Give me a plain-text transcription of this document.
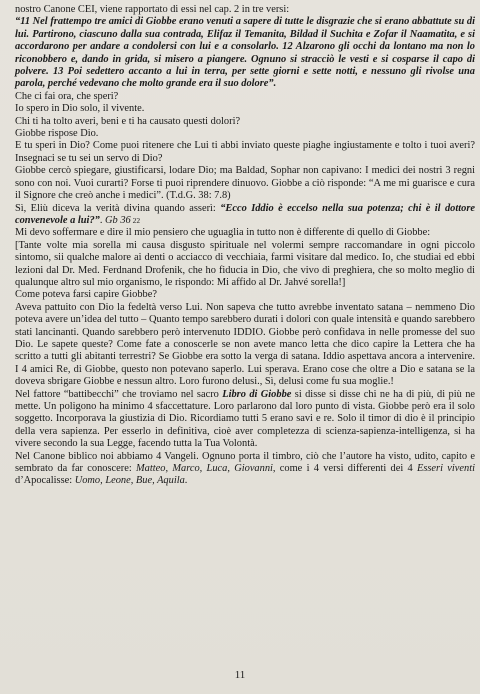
nostro Canone CEI, viene rapportato di essi nel cap. 2 in tre versi:

“11 Nel frattempo tre amici di Giobbe erano venuti a sapere di tutte le disgrazie che si erano abbattute su di lui. Partirono, ciascuno dalla sua contrada, Elifaz il Temanita, Bildad il Suchita e Zofar il Naamatita, e si accordarono per andare a condolersi con lui e a consolarlo. 12 Alzarono gli occhi da lontano ma non lo riconobbero e, dando in grida, si misero a piangere. Ognuno si stracciò le vesti e si cosparse il capo di polvere. 13 Poi sedettero accanto a lui in terra, per sette giorni e sette notti, e nessuno gli rivolse una parola, perché vedevano che molto grande era il suo dolore”.

Che ci fai ora, che speri?

Io spero in Dio solo, il vivente.

Chi ti ha tolto averi, beni e ti ha causato questi dolori?

Giobbe rispose Dio.

E tu speri in Dio? Come puoi ritenere che Lui ti abbi inviato queste piaghe ingiustamente e tolto i tuoi averi? Insegnaci se tu sei un servo di Dio?

Giobbe cercò spiegare, giustificarsi, lodare Dio; ma Baldad, Sophar non capivano: I medici dei nostri 3 regni sono con noi. Vuoi curarti? Forse ti puoi riprendere dinuovo. Giobbe a ciò risponde: “A me mi guarisce e cura il Signore che creò anche i medici”. (T.d.G. 38: 7.8)

Sì, Eliù diceva la verità divina quando asserì: “Ecco Iddio è eccelso nella sua potenza; chi è il dottore convenevole a lui?”. Gb 36 22

Mi devo soffermare e dire il mio pensiero che uguaglia in tutto non è differente di quello di Giobbe:

[Tante volte mia sorella mi causa disgusto spirituale nel volermi sempre raccomandare in ogni piccolo sintomo, sii qualche malore ai denti o acciacco di vecchiaia, farmi visitare dal medico. Io, che studiai ed ebbi lezioni dal Dr. Med. Ferdnand Drofenik, che ho fiducia in Dio, che vivo di preghiera, che so molto meglio di qualunque altro sul mio organismo, le rispondo: Mi affido al Dr. Jahvé sorella!]

Come poteva farsi capire Giobbe?

Aveva pattuito con Dio la fedeltà verso Lui. Non sapeva che tutto avrebbe inventato satana – nemmeno Dio poteva avere un’idea del tutto – Quanto tempo sarebbero durati i dolori con quale intensità e quando sarebbero stati lancinanti. Quando sarebbero però intervenuto IDDIO. Giobbe però confidava in nelle promesse del suo Dio. Le sapete queste? Come fate a conoscerle se non avete manco letta che dico capire la Lettera che ha scritto a tutti gli abitanti terrestri? Se Giobbe era sotto la verga di satana. Iddio aspettava ancora a intervenire. I 4 amici Re, di Giobbe, questo non potevano saperlo. Lui sperava. Erano cose che oltre a Dio e satana se la doveva sbrigare Giobbe e nessun altro. Loro furono delusi., Sì, delusi come fu sua moglie.!

Nel fattore “battibecchi” che troviamo nel sacro Libro di Giobbe si disse si disse chi ne ha di più, di più ne mette. Un poligono ha minimo 4 sfaccettature. Loro parlarono dal loro punto di vista. Giobbe però era il solo soggetto. Incorporava la giustizia di Dio. Ricordiamo tutti 5 erano savi e re. Solo il timor di dio è il principio della vera sapienza. Per esserlo in definitiva, cioè aver completezza di scienza-sapienza-intelligenza, si ha vivere secondo la sua Legge, facendo tutta la Tua Volontà.

Nel Canone biblico noi abbiamo 4 Vangeli. Ognuno porta il timbro, ciò che l’autore ha visto, udito, capito e sembrato da far conoscere: Matteo, Marco, Luca, Giovanni, come i 4 versi differenti dei 4 Esseri viventi d’Apocalisse: Uomo, Leone, Bue, Aquila.

11
